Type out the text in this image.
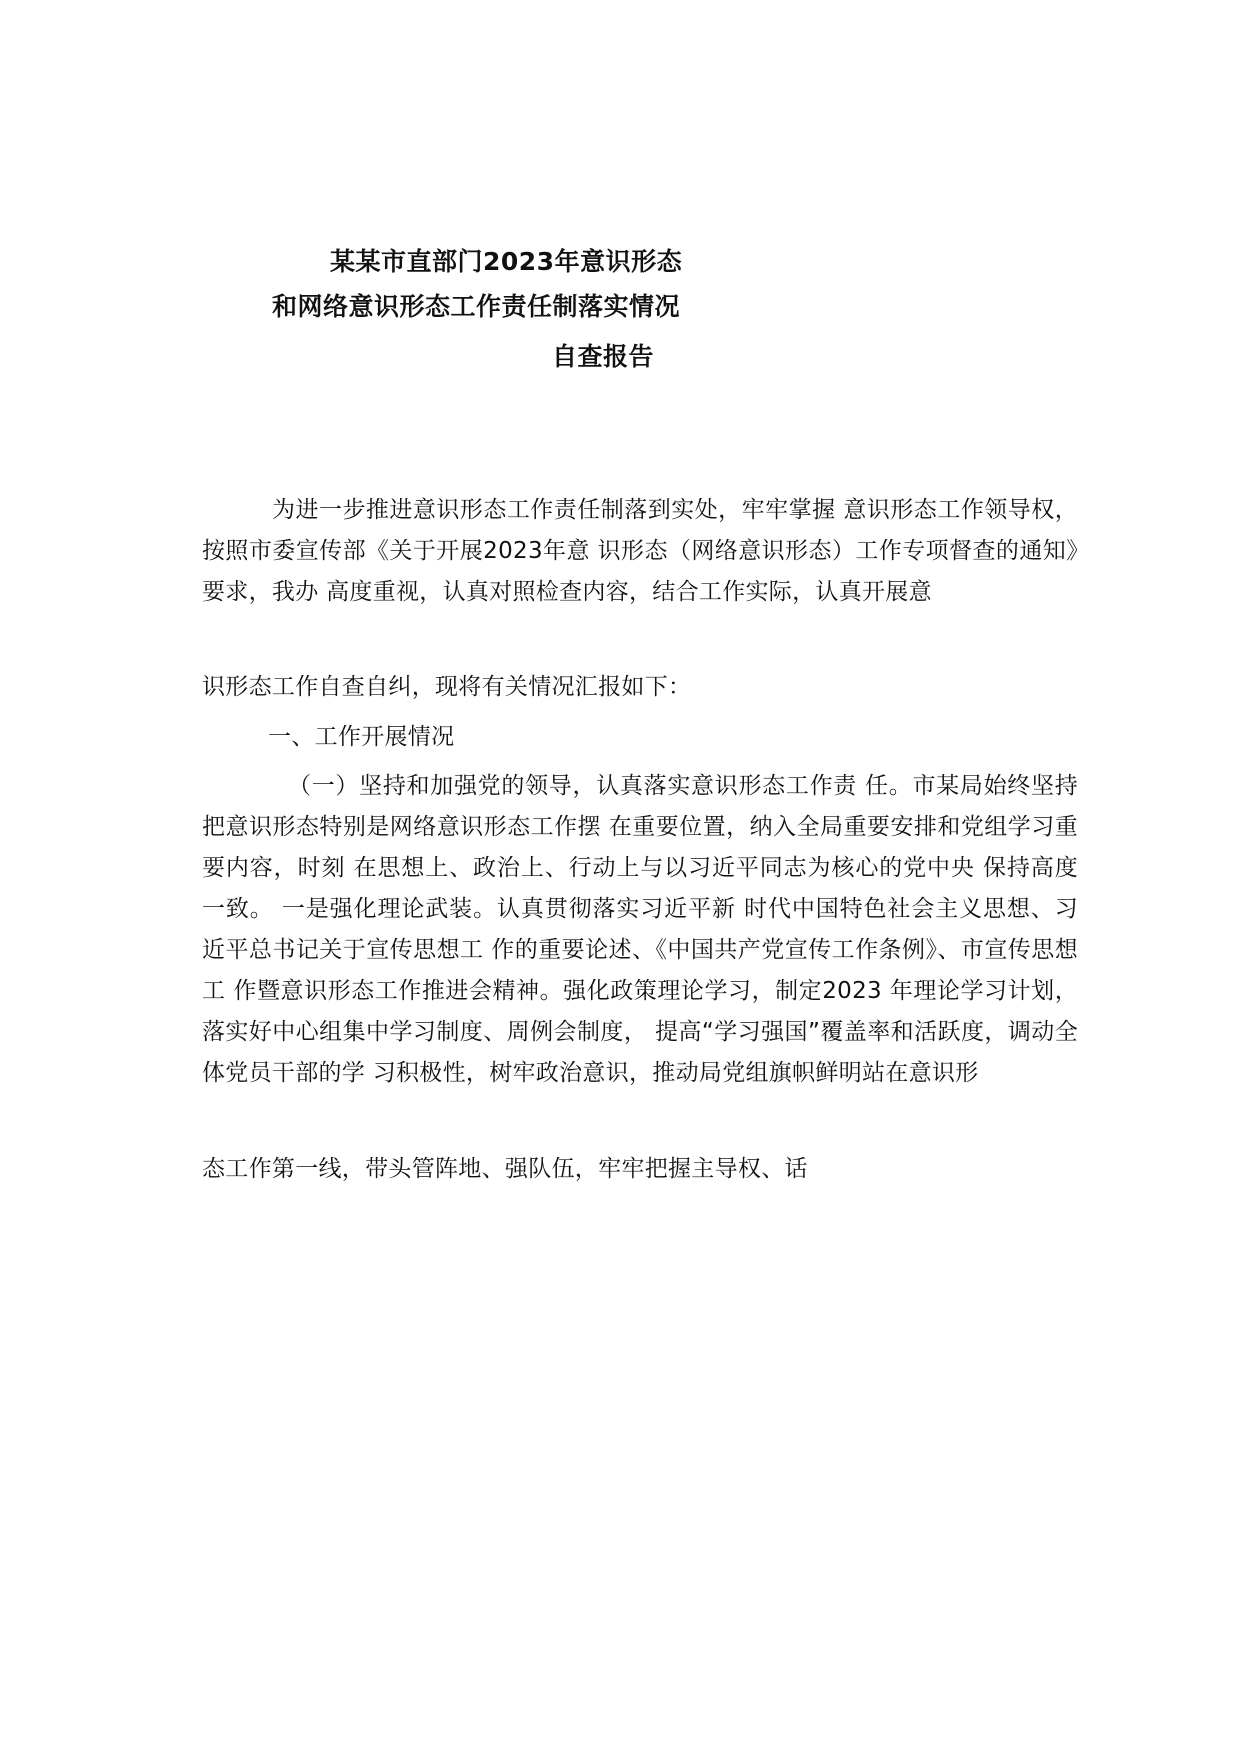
某某市直部门2023年意识形态
和网络意识形态工作责任制落实情况
自查报告

为进一步推进意识形态工作责任制落到实处，牢牢掌握 意识形态工作领导权，按照市委宣传部《关于开展2023年意 识形态（网络意识形态）工作专项督查的通知》要求，我办 高度重视，认真对照检查内容，结合工作实际，认真开展意

识形态工作自查自纠，现将有关情况汇报如下：

一、工作开展情况

（一）坚持和加强党的领导，认真落实意识形态工作责 任。市某局始终坚持把意识形态特别是网络意识形态工作摆 在重要位置，纳入全局重要安排和党组学习重要内容，时刻 在思想上、政治上、行动上与以习近平同志为核心的党中央 保持高度一致。 一是强化理论武装。认真贯彻落实习近平新 时代中国特色社会主义思想、习近平总书记关于宣传思想工 作的重要论述、《中国共产党宣传工作条例》、市宣传思想工 作暨意识形态工作推进会精神。强化政策理论学习，制定2023 年理论学习计划，落实好中心组集中学习制度、周例会制度， 提高“学习强国”覆盖率和活跃度，调动全体党员干部的学 习积极性，树牢政治意识，推动局党组旗帜鲜明站在意识形

态工作第一线，带头管阵地、强队伍，牢牢把握主导权、话
